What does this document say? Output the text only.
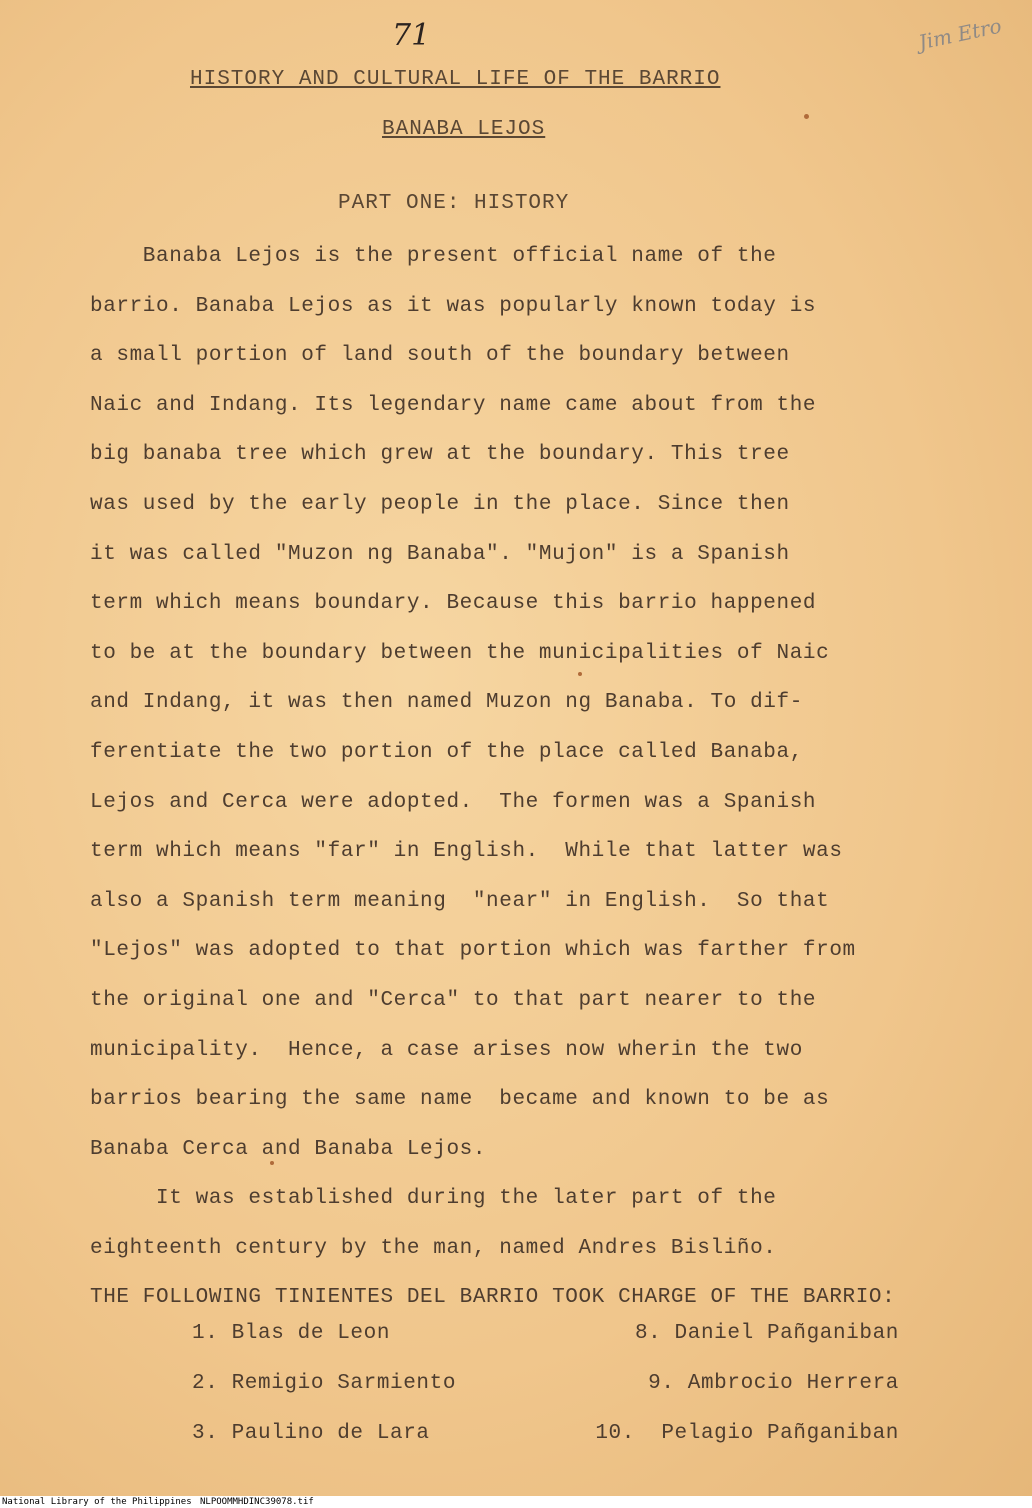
71	Jim Etro
HISTORY AND CULTURAL LIFE OF THE BARRIO
BANABA LEJOS
PART ONE: HISTORY

Banaba Lejos is the present official name of the

barrio. Banaba Lejos as it was popularly known today is

a small portion of land south of the boundary between

Naic and Indang. Its legendary name came about from the

big banaba tree which grew at the boundary. This tree

was used by the early people in the place. Since then

it was called "Muzon ng Banaba". "Mujon" is a Spanish

term which means boundary. Because this barrio happened

to be at the boundary between the municipalities of Naic

and Indang, it was then named Muzon ng Banaba. To dif-

ferentiate the two portion of the place called Banaba,

Lejos and Cerca were adopted.  The formen was a Spanish

term which means "far" in English.  While that latter was

also a Spanish term meaning  "near" in English.  So that

"Lejos" was adopted to that portion which was farther from

the original one and "Cerca" to that part nearer to the

municipality.  Hence, a case arises now wherin the two

barrios bearing the same name  became and known to be as

Banaba Cerca and Banaba Lejos.

It was established during the later part of the

eighteenth century by the man, named Andres Bisliño.

THE FOLLOWING TINIENTES DEL BARRIO TOOK CHARGE OF THE BARRIO:

1. Blas de Leon
2. Remigio Sarmiento
3. Paulino de Lara
8. Daniel Pañganiban
9. Ambrocio Herrera
10.  Pelagio Pañganiban
National Library of the Philippines NLPOOMMHDINC39078.tif
